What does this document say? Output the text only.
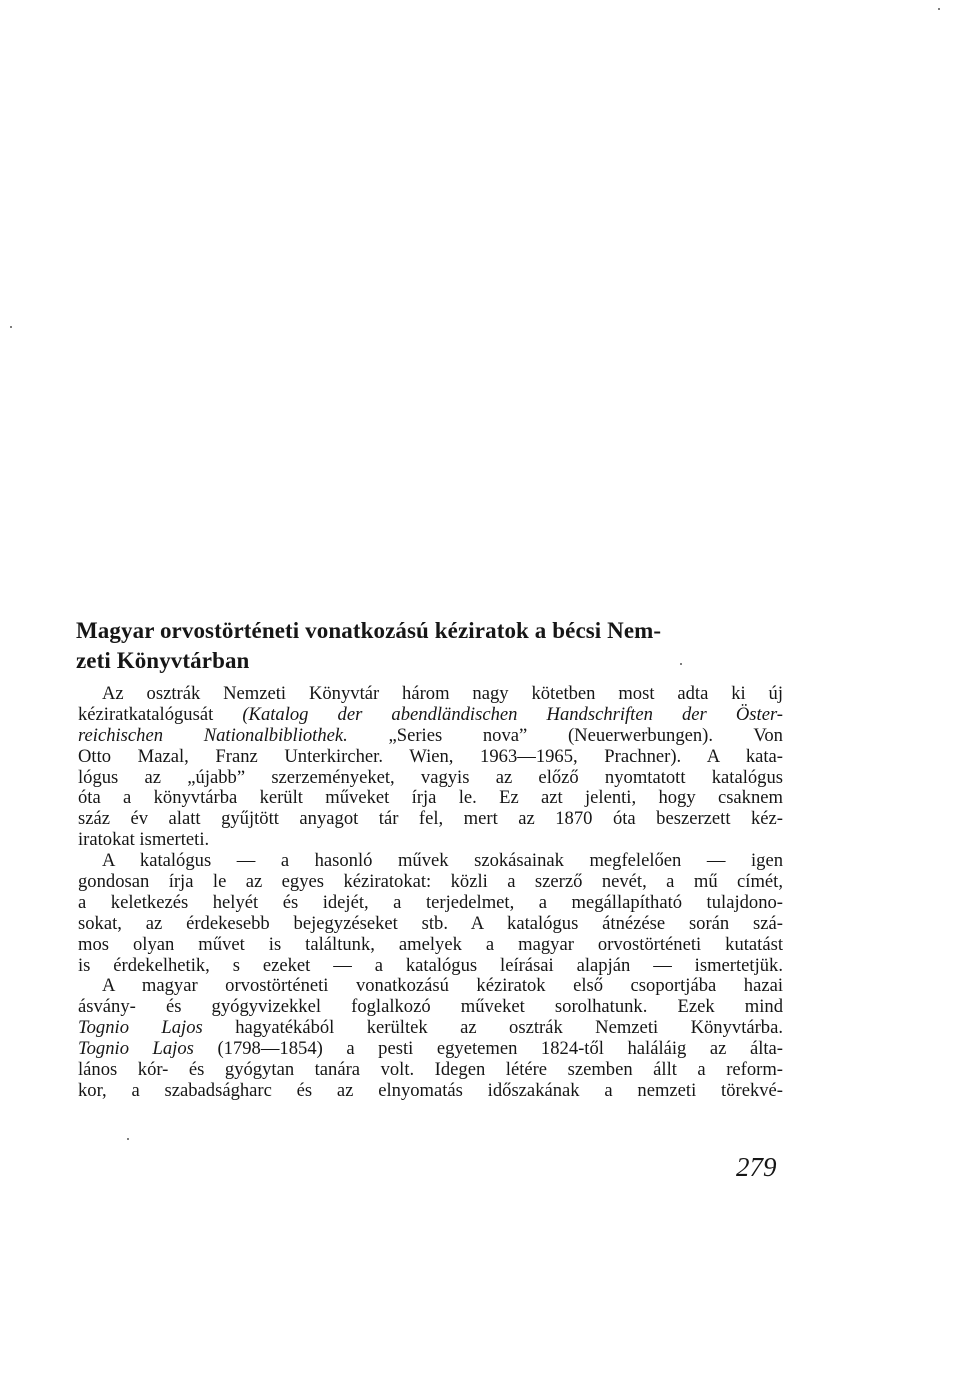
Magyar orvostörténeti vonatkozású kéziratok a bécsi Nem-
zeti Könyvtárban
Az osztrák Nemzeti Könyvtár három nagy kötetben most adta ki új
kéziratkatalógusát (Katalog der abendländischen Handschriften der Öster-
reichischen Nationalbibliothek. „Series nova” (Neuerwerbungen). Von
Otto Mazal, Franz Unterkircher. Wien, 1963—1965, Prachner). A kata-
lógus az „újabb” szerzeményeket, vagyis az előző nyomtatott katalógus
óta a könyvtárba került műveket írja le. Ez azt jelenti, hogy csaknem
száz év alatt gyűjtött anyagot tár fel, mert az 1870 óta beszerzett kéz-
iratokat ismerteti.
A katalógus — a hasonló művek szokásainak megfelelően — igen
gondosan írja le az egyes kéziratokat: közli a szerző nevét, a mű címét,
a keletkezés helyét és idejét, a terjedelmet, a megállapítható tulajdono-
sokat, az érdekesebb bejegyzéseket stb. A katalógus átnézése során szá-
mos olyan művet is találtunk, amelyek a magyar orvostörténeti kutatást
is érdekelhetik, s ezeket — a katalógus leírásai alapján — ismertetjük.
A magyar orvostörténeti vonatkozású kéziratok első csoportjába hazai
ásvány- és gyógyvizekkel foglalkozó műveket sorolhatunk. Ezek mind
Tognio Lajos hagyatékából kerültek az osztrák Nemzeti Könyvtárba.
Tognio Lajos (1798—1854) a pesti egyetemen 1824-től haláláig az álta-
lános kór- és gyógytan tanára volt. Idegen létére szemben állt a reform-
kor, a szabadságharc és az elnyomatás időszakának a nemzeti törekvé-
279
